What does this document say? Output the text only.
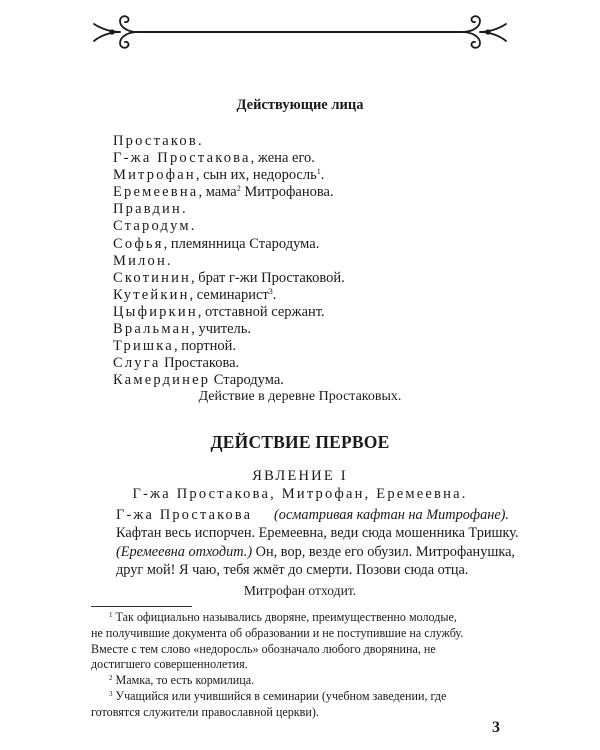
Действующие лица
Простаков.
Г-жа Простакова, жена его.
Митрофан, сын их, недоросль$^1$.
Еремеевна, мама$^2$ Митрофанова.
Правдин.
Стародум.
Софья, племянница Стародума.
Милон.
Скотинин, брат г-жи Простаковой.
Кутейкин, семинарист$^3$.
Цыфиркин, отставной сержант.
Вральман, учитель.
Тришка, портной.
Слуга Простакова.
Камердинер Стародума.
Действие в деревне Простаковых.
ДЕЙСТВИЕ ПЕРВОЕ
ЯВЛЕНИЕ I
Г-жа Простакова, Митрофан, Еремеевна.
Г-жа Простакова (осматривая кафтан на Митрофане).
Кафтан весь испорчен. Еремеевна, веди сюда мошенника Тришку.
(Еремеевна отходит.) Он, вор, везде его обузил. Митрофанушка,
друг мой! Я чаю, тебя жмёт до смерти. Позови сюда отца.
Митрофан отходит.
$^1$ Так официально назывались дворяне, преимущественно молодые,
не получившие документа об образовании и не поступившие на службу.
Вместе с тем слово «недоросль» обозначало любого дворянина, не
достигшего совершеннолетия.
$^2$ Мамка, то есть кормилица.
$^3$ Учащийся или учившийся в семинарии (учебном заведении, где
готовятся служители православной церкви).
3
